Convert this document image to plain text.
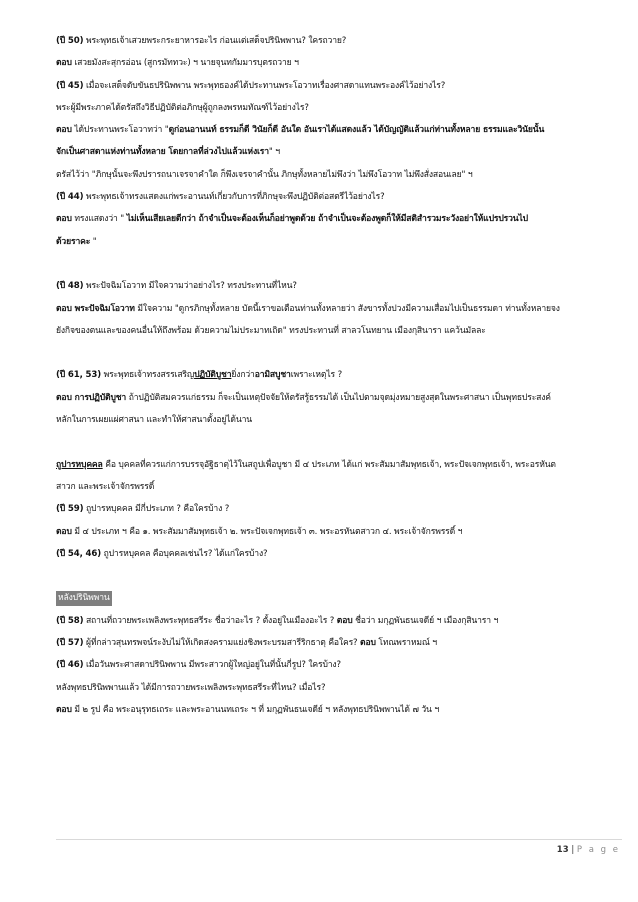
(ปี 50) พระพุทธเจ้าเสวยพระกระยาหารอะไร ก่อนแต่เสด็จปรินิพพาน? ใครถวาย?
ตอบ เสวยมังสะสุกรอ่อน (สูกรมัททวะ) ฯ นายจุนทกัมมารบุตรถวาย ฯ
(ปี 45) เมื่อจะเสด็จดับขันธปรินิพพาน พระพุทธองค์ได้ประทานพระโอวาทเรื่องศาสดาแทนพระองค์ไว้อย่างไร?
พระผู้มีพระภาคได้ตรัสถึงวิธีปฏิบัติต่อภิกษุผู้ถูกลงพรหมทัณฑ์ไว้อย่างไร?
ตอบ ได้ประทานพระโอวาทว่า "ดูก่อนอานนท์ ธรรมก็ดี วินัยก็ดี อันใด อันเราได้แสดงแล้ว ได้บัญญัติแล้วแก่ท่านทั้งหลาย ธรรมและวินัยนั้น
จักเป็นศาสดาแห่งท่านทั้งหลาย โดยกาลที่ล่วงไปแล้วแห่งเรา" ฯ
ตรัสไว้ว่า "ภิกษุนั้นจะพึงปรารถนาเจรจาคำใด ก็พึงเจรจาคำนั้น ภิกษุทั้งหลายไม่พึงว่า ไม่พึงโอวาท ไม่พึงสั่งสอนเลย" ฯ
(ปี 44) พระพุทธเจ้าทรงแสดงแก่พระอานนท์เกี่ยวกับการที่ภิกษุจะพึงปฏิบัติต่อสตรีไว้อย่างไร?
ตอบ ทรงแสดงว่า " ไม่เห็นเสียเลยดีกว่า ถ้าจำเป็นจะต้องเห็นก็อย่าพูดด้วย ถ้าจำเป็นจะต้องพูดก็ให้มีสติสำรวมระวังอย่าให้แปรปรวนไป
ด้วยราคะ "
(ปี 48) พระปัจฉิมโอวาท มีใจความว่าอย่างไร? ทรงประทานที่ไหน?
ตอบ พระปัจฉิมโอวาท มีใจความ "ดูกรภิกษุทั้งหลาย บัดนี้เราขอเตือนท่านทั้งหลายว่า สังขารทั้งปวงมีความเสื่อมไปเป็นธรรมดา ท่านทั้งหลายจง
ยังกิจของตนและของคนอื่นให้ถึงพร้อม ด้วยความไม่ประมาทเถิด" ทรงประทานที่ สาลวโนทยาน เมืองกุสินารา แคว้นมัลละ
(ปี 61, 53) พระพุทธเจ้าทรงสรรเสริญปฏิบัติบูชายิ่งกว่าอามิสบูชาเพราะเหตุไร ?
ตอบ การปฏิบัติบูชา ถ้าปฏิบัติสมควรแก่ธรรม ก็จะเป็นเหตุปัจจัยให้ตรัสรู้ธรรมได้ เป็นไปตามจุดมุ่งหมายสูงสุดในพระศาสนา เป็นพุทธประสงค์
หลักในการเผยแผ่ศาสนา และทำให้ศาสนาตั้งอยู่ได้นาน
ถูปารหบุคคล คือ บุคคลที่ควรแก่การบรรจุอัฐิธาตุไว้ในสถูปเพื่อบูชา มี ๔ ประเภท ได้แก่ พระสัมมาสัมพุทธเจ้า, พระปัจเจกพุทธเจ้า, พระอรหันต
สาวก และพระเจ้าจักรพรรดิ์
(ปี 59) ถูปารหบุคคล มีกี่ประเภท ? คือใครบ้าง ?
ตอบ มี ๔ ประเภท ฯ คือ ๑. พระสัมมาสัมพุทธเจ้า ๒. พระปัจเจกพุทธเจ้า ๓. พระอรหันตสาวก ๔. พระเจ้าจักรพรรดิ์ ฯ
(ปี 54, 46) ถูปารหบุคคล คือบุคคลเช่นไร? ได้แก่ใครบ้าง?
หลังปรินิพพาน
(ปี 58) สถานที่ถวายพระเพลิงพระพุทธสรีระ ชื่อว่าอะไร ? ตั้งอยู่ในเมืองอะไร ? ตอบ ชื่อว่า มกุฏพันธนเจดีย์ ฯ เมืองกุสินารา ฯ
(ปี 57) ผู้ที่กล่าวสุนทรพจน์ระงับไม่ให้เกิดสงครามแย่งชิงพระบรมสารีริกธาตุ คือใคร? ตอบ โทณพราหมณ์ ฯ
(ปี 46) เมื่อวันพระศาสดาปรินิพพาน มีพระสาวกผู้ใหญ่อยู่ในที่นั้นกี่รูป? ใครบ้าง?
หลังพุทธปรินิพพานแล้ว ได้มีการถวายพระเพลิงพระพุทธสรีระที่ไหน? เมื่อไร?
ตอบ มี ๒ รูป คือ พระอนุรุทธเถระ และพระอานนทเถระ ฯ ที่ มกุฏพันธนเจดีย์ ฯ หลังพุทธปรินิพพานได้ ๗ วัน ฯ
13 | P a g e
